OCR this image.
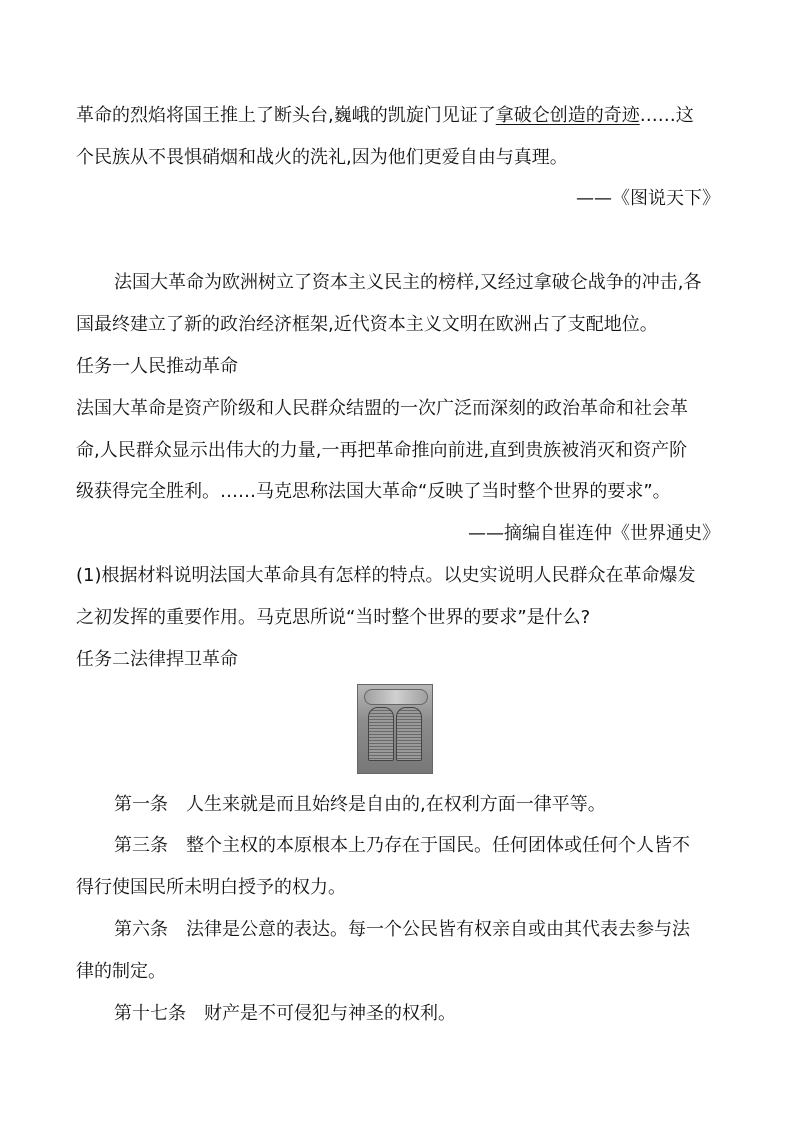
革命的烈焰将国王推上了断头台,巍峨的凯旋门见证了拿破仑创造的奇迹……这
个民族从不畏惧硝烟和战火的洗礼,因为他们更爱自由与真理。
——《图说天下》
法国大革命为欧洲树立了资本主义民主的榜样,又经过拿破仑战争的冲击,各
国最终建立了新的政治经济框架,近代资本主义文明在欧洲占了支配地位。
任务一人民推动革命
法国大革命是资产阶级和人民群众结盟的一次广泛而深刻的政治革命和社会革
命,人民群众显示出伟大的力量,一再把革命推向前进,直到贵族被消灭和资产阶
级获得完全胜利。……马克思称法国大革命“反映了当时整个世界的要求”。
——摘编自崔连仲《世界通史》
(1)根据材料说明法国大革命具有怎样的特点。以史实说明人民群众在革命爆发
之初发挥的重要作用。马克思所说“当时整个世界的要求”是什么?
任务二法律捍卫革命
第一条　人生来就是而且始终是自由的,在权利方面一律平等。
第三条　整个主权的本原根本上乃存在于国民。任何团体或任何个人皆不
得行使国民所未明白授予的权力。
第六条　法律是公意的表达。每一个公民皆有权亲自或由其代表去参与法
律的制定。
第十七条　财产是不可侵犯与神圣的权利。
